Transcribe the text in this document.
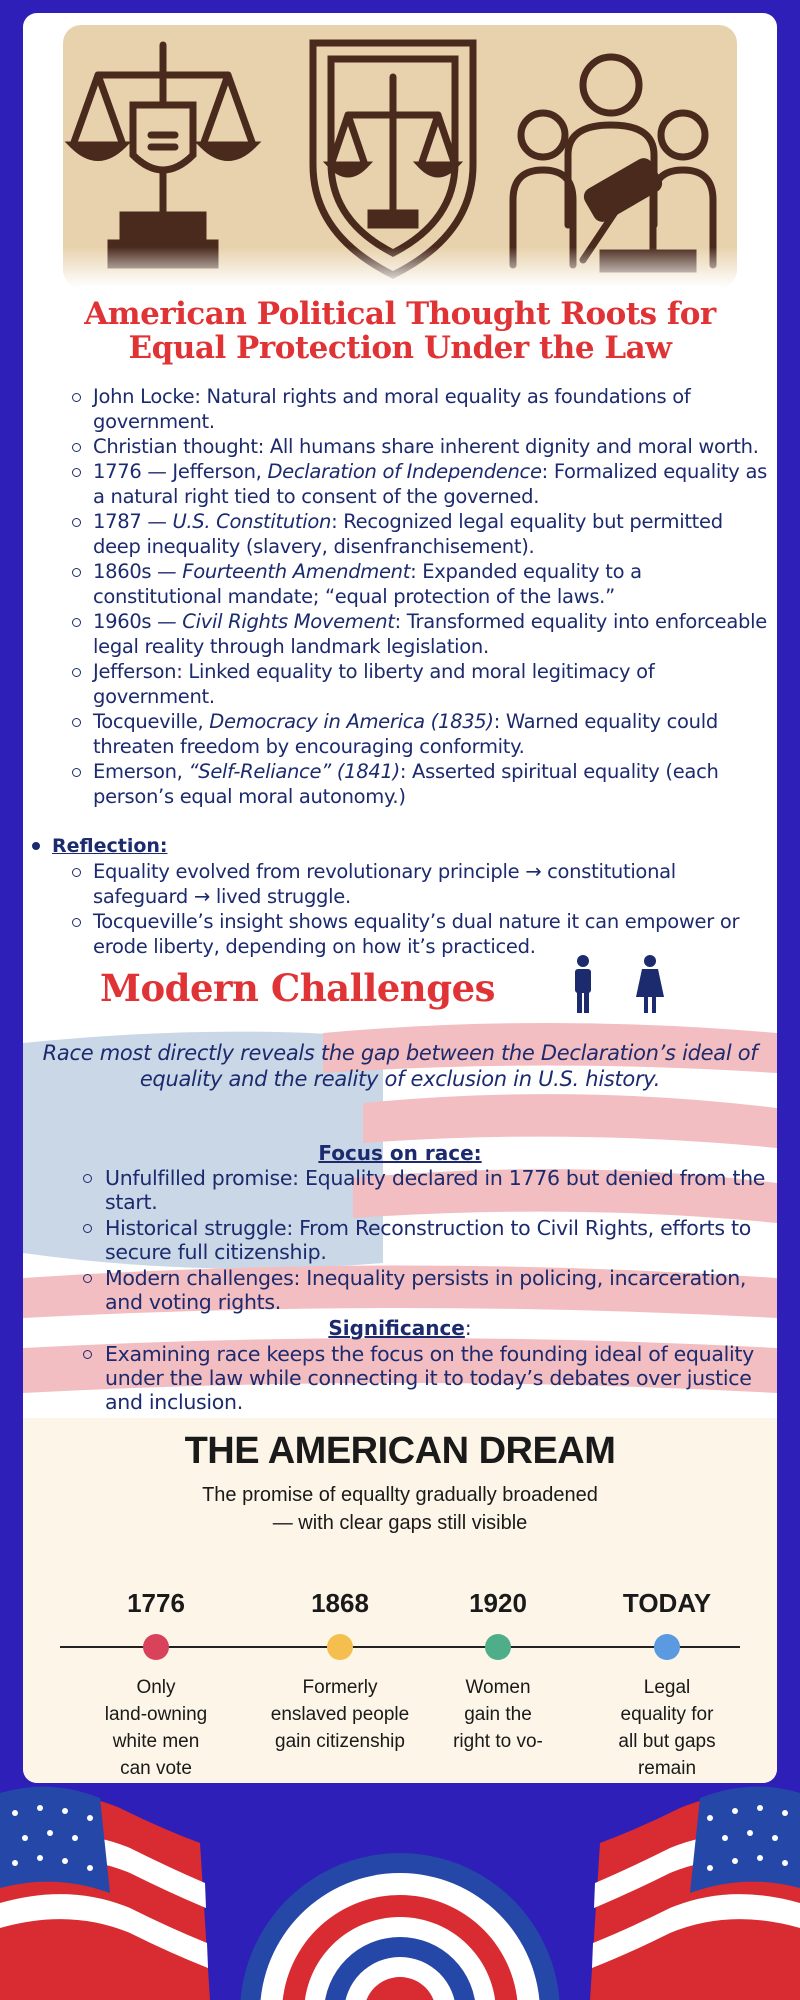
American Political Thought Roots for Equal Protection Under the Law
John Locke: Natural rights and moral equality as foundations of government.
Christian thought: All humans share inherent dignity and moral worth.
1776 — Jefferson, Declaration of Independence: Formalized equality as a natural right tied to consent of the governed.
1787 — U.S. Constitution: Recognized legal equality but permitted deep inequality (slavery, disenfranchisement).
1860s — Fourteenth Amendment: Expanded equality to a constitutional mandate; “equal protection of the laws.”
1960s — Civil Rights Movement: Transformed equality into enforceable legal reality through landmark legislation.
Jefferson: Linked equality to liberty and moral legitimacy of government.
Tocqueville, Democracy in America (1835): Warned equality could threaten freedom by encouraging conformity.
Emerson, “Self-Reliance” (1841): Asserted spiritual equality (each person’s equal moral autonomy.)
Reflection:
Equality evolved from revolutionary principle → constitutional safeguard → lived struggle.
Tocqueville’s insight shows equality’s dual nature it can empower or erode liberty, depending on how it’s practiced.
Modern Challenges
Race most directly reveals the gap between the Declaration’s ideal of equality and the reality of exclusion in U.S. history.
Focus on race:
Unfulfilled promise: Equality declared in 1776 but denied from the start.
Historical struggle: From Reconstruction to Civil Rights, efforts to secure full citizenship.
Modern challenges: Inequality persists in policing, incarceration, and voting rights.
Significance:
Examining race keeps the focus on the founding ideal of equality under the law while connecting it to today’s debates over justice and inclusion.
THE AMERICAN DREAM
The promise of equallty gradually broadened
— with clear gaps still visible
1776
Only
land-owning
white men
can vote
1868
Formerly
enslaved people
gain citizenship
1920
Women
gain the
right to vo-
TODAY
Legal
equality for
all but gaps
remain
